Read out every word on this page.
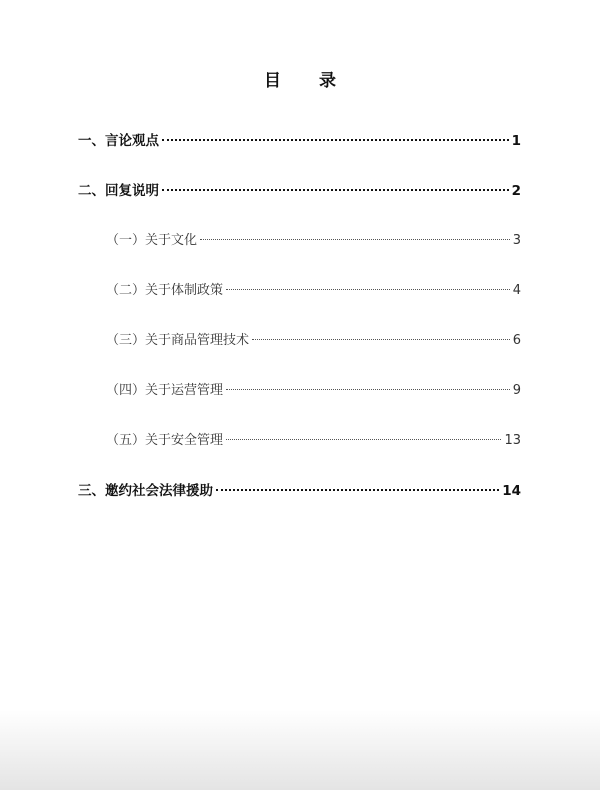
目 录
一、言论观点	1
二、回复说明	2
（一）关于文化	3
（二）关于体制政策	4
（三）关于商品管理技术	6
（四）关于运营管理	9
（五）关于安全管理	13
三、邀约社会法律援助	14
